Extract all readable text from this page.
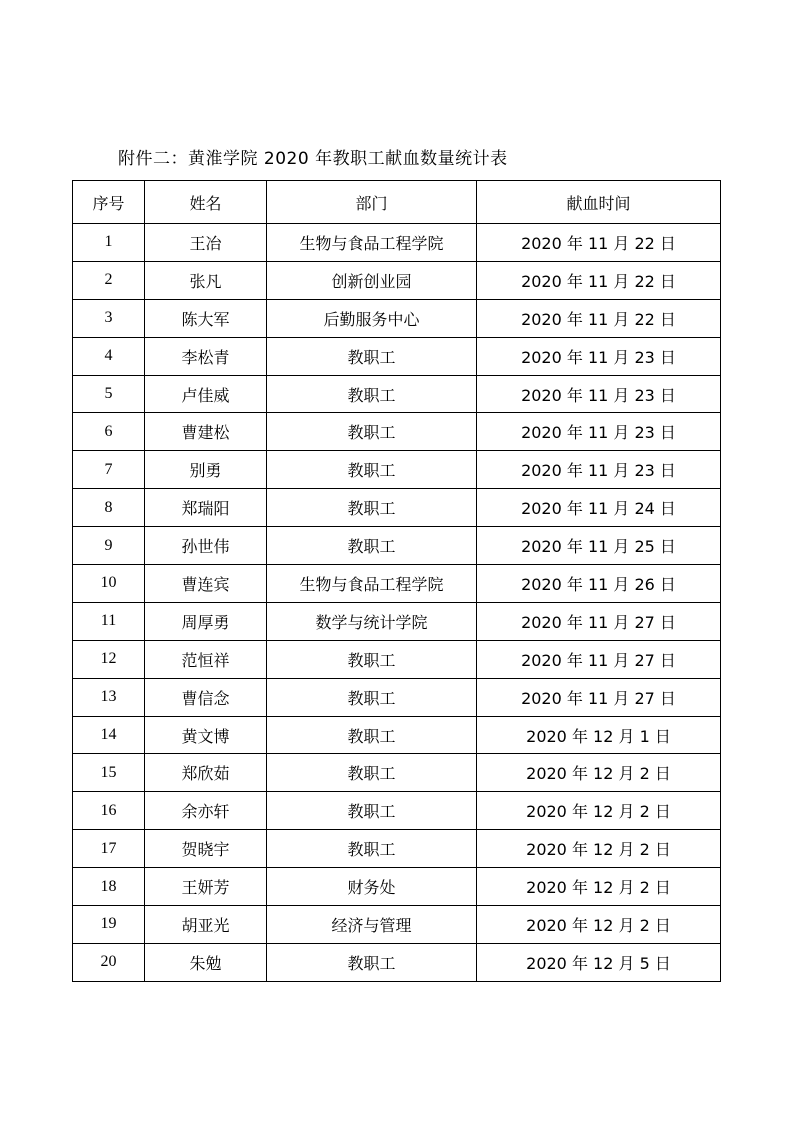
附件二：黄淮学院 2020 年教职工献血数量统计表
序号	姓名	部门	献血时间
1	王冶	生物与食品工程学院	2020 年 11 月 22 日
2	张凡	创新创业园	2020 年 11 月 22 日
3	陈大军	后勤服务中心	2020 年 11 月 22 日
4	李松青	教职工	2020 年 11 月 23 日
5	卢佳威	教职工	2020 年 11 月 23 日
6	曹建松	教职工	2020 年 11 月 23 日
7	别勇	教职工	2020 年 11 月 23 日
8	郑瑞阳	教职工	2020 年 11 月 24 日
9	孙世伟	教职工	2020 年 11 月 25 日
10	曹连宾	生物与食品工程学院	2020 年 11 月 26 日
11	周厚勇	数学与统计学院	2020 年 11 月 27 日
12	范恒祥	教职工	2020 年 11 月 27 日
13	曹信念	教职工	2020 年 11 月 27 日
14	黄文博	教职工	2020 年 12 月 1 日
15	郑欣茹	教职工	2020 年 12 月 2 日
16	余亦轩	教职工	2020 年 12 月 2 日
17	贺晓宇	教职工	2020 年 12 月 2 日
18	王妍芳	财务处	2020 年 12 月 2 日
19	胡亚光	经济与管理	2020 年 12 月 2 日
20	朱勉	教职工	2020 年 12 月 5 日
